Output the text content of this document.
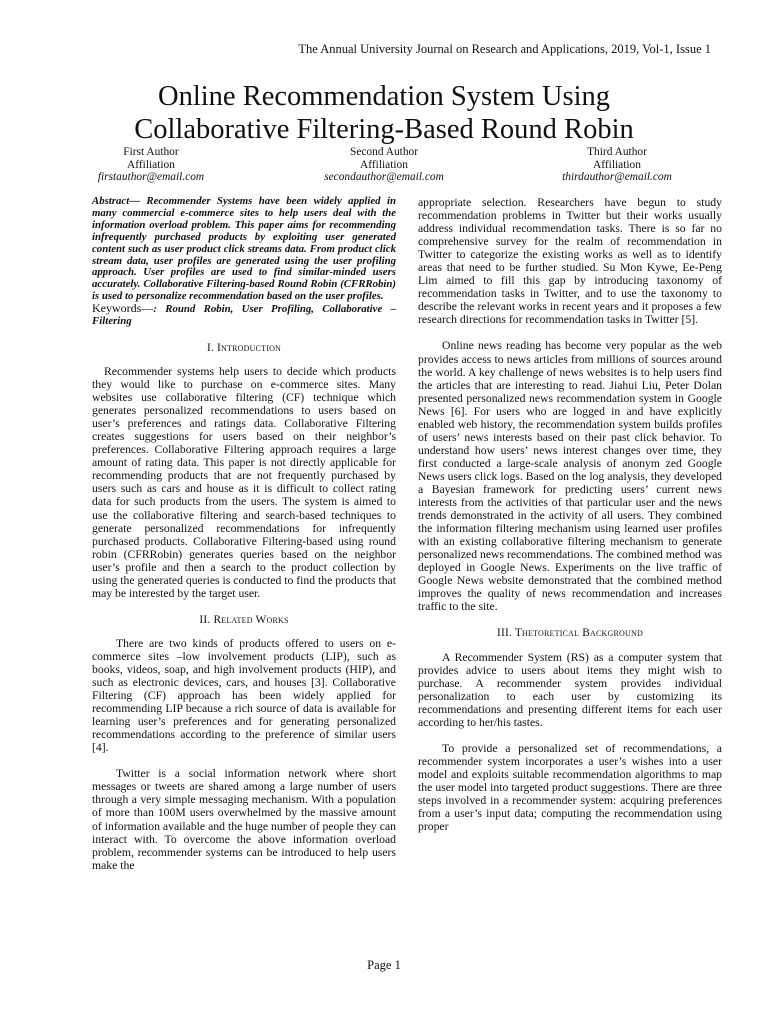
The Annual University Journal on Research and Applications, 2019, Vol-1, Issue 1
Online Recommendation System Using
Collaborative Filtering-Based Round Robin
First Author
Affiliation
firstauthor@email.com
Second Author
Affiliation
secondauthor@email.com
Third Author
Affiliation
thirdauthor@email.com

Abstract— Recommender Systems have been widely applied in many commercial e-commerce sites to help users deal with the information overload problem. This paper aims for recommending infrequently purchased products by exploiting user generated content such as user product click streams data. From product click stream data, user profiles are generated using the user profiling approach. User profiles are used to find similar-minded users accurately. Collaborative Filtering-based Round Robin (CFRRobin) is used to personalize recommendation based on the user profiles.

Keywords—: Round Robin, User Profiling, Collaborative – Filtering

I. Introduction

Recommender systems help users to decide which products they would like to purchase on e-commerce sites. Many websites use collaborative filtering (CF) technique which generates personalized recommendations to users based on user’s preferences and ratings data. Collaborative Filtering creates suggestions for users based on their neighbor’s preferences. Collaborative Filtering approach requires a large amount of rating data. This paper is not directly applicable for recommending products that are not frequently purchased by users such as cars and house as it is difficult to collect rating data for such products from the users. The system is aimed to use the collaborative filtering and search-based techniques to generate personalized recommendations for infrequently purchased products. Collaborative Filtering-based using round robin (CFRRobin) generates queries based on the neighbor user’s profile and then a search to the product collection by using the generated queries is conducted to find the products that may be interested by the target user.

II. Related Works

There are two kinds of products offered to users on e-commerce sites –low involvement products (LIP), such as books, videos, soap, and high involvement products (HIP), and such as electronic devices, cars, and houses [3]. Collaborative Filtering (CF) approach has been widely applied for recommending LIP because a rich source of data is available for learning user’s preferences and for generating personalized recommendations according to the preference of similar users [4].

Twitter is a social information network where short messages or tweets are shared among a large number of users through a very simple messaging mechanism. With a population of more than 100M users overwhelmed by the massive amount of information available and the huge number of people they can interact with. To overcome the above information overload problem, recommender systems can be introduced to help users make the

appropriate selection. Researchers have begun to study recommendation problems in Twitter but their works usually address individual recommendation tasks. There is so far no comprehensive survey for the realm of recommendation in Twitter to categorize the existing works as well as to identify areas that need to be further studied. Su Mon Kywe, Ee-Peng Lim aimed to fill this gap by introducing taxonomy of recommendation tasks in Twitter, and to use the taxonomy to describe the relevant works in recent years and it proposes a few research directions for recommendation tasks in Twitter [5].

Online news reading has become very popular as the web provides access to news articles from millions of sources around the world. A key challenge of news websites is to help users find the articles that are interesting to read. Jiahui Liu, Peter Dolan presented personalized news recommendation system in Google News [6]. For users who are logged in and have explicitly enabled web history, the recommendation system builds profiles of users’ news interests based on their past click behavior. To understand how users’ news interest changes over time, they first conducted a large-scale analysis of anonym zed Google News users click logs. Based on the log analysis, they developed a Bayesian framework for predicting users’ current news interests from the activities of that particular user and the news trends demonstrated in the activity of all users. They combined the information filtering mechanism using learned user profiles with an existing collaborative filtering mechanism to generate personalized news recommendations. The combined method was deployed in Google News. Experiments on the live traffic of Google News website demonstrated that the combined method improves the quality of news recommendation and increases traffic to the site.

III. Thetoretical Background

A Recommender System (RS) as a computer system that provides advice to users about items they might wish to purchase. A recommender system provides individual personalization to each user by customizing its recommendations and presenting different items for each user according to her/his tastes.

To provide a personalized set of recommendations, a recommender system incorporates a user’s wishes into a user model and exploits suitable recommendation algorithms to map the user model into targeted product suggestions. There are three steps involved in a recommender system: acquiring preferences from a user’s input data; computing the recommendation using proper

Page 1
